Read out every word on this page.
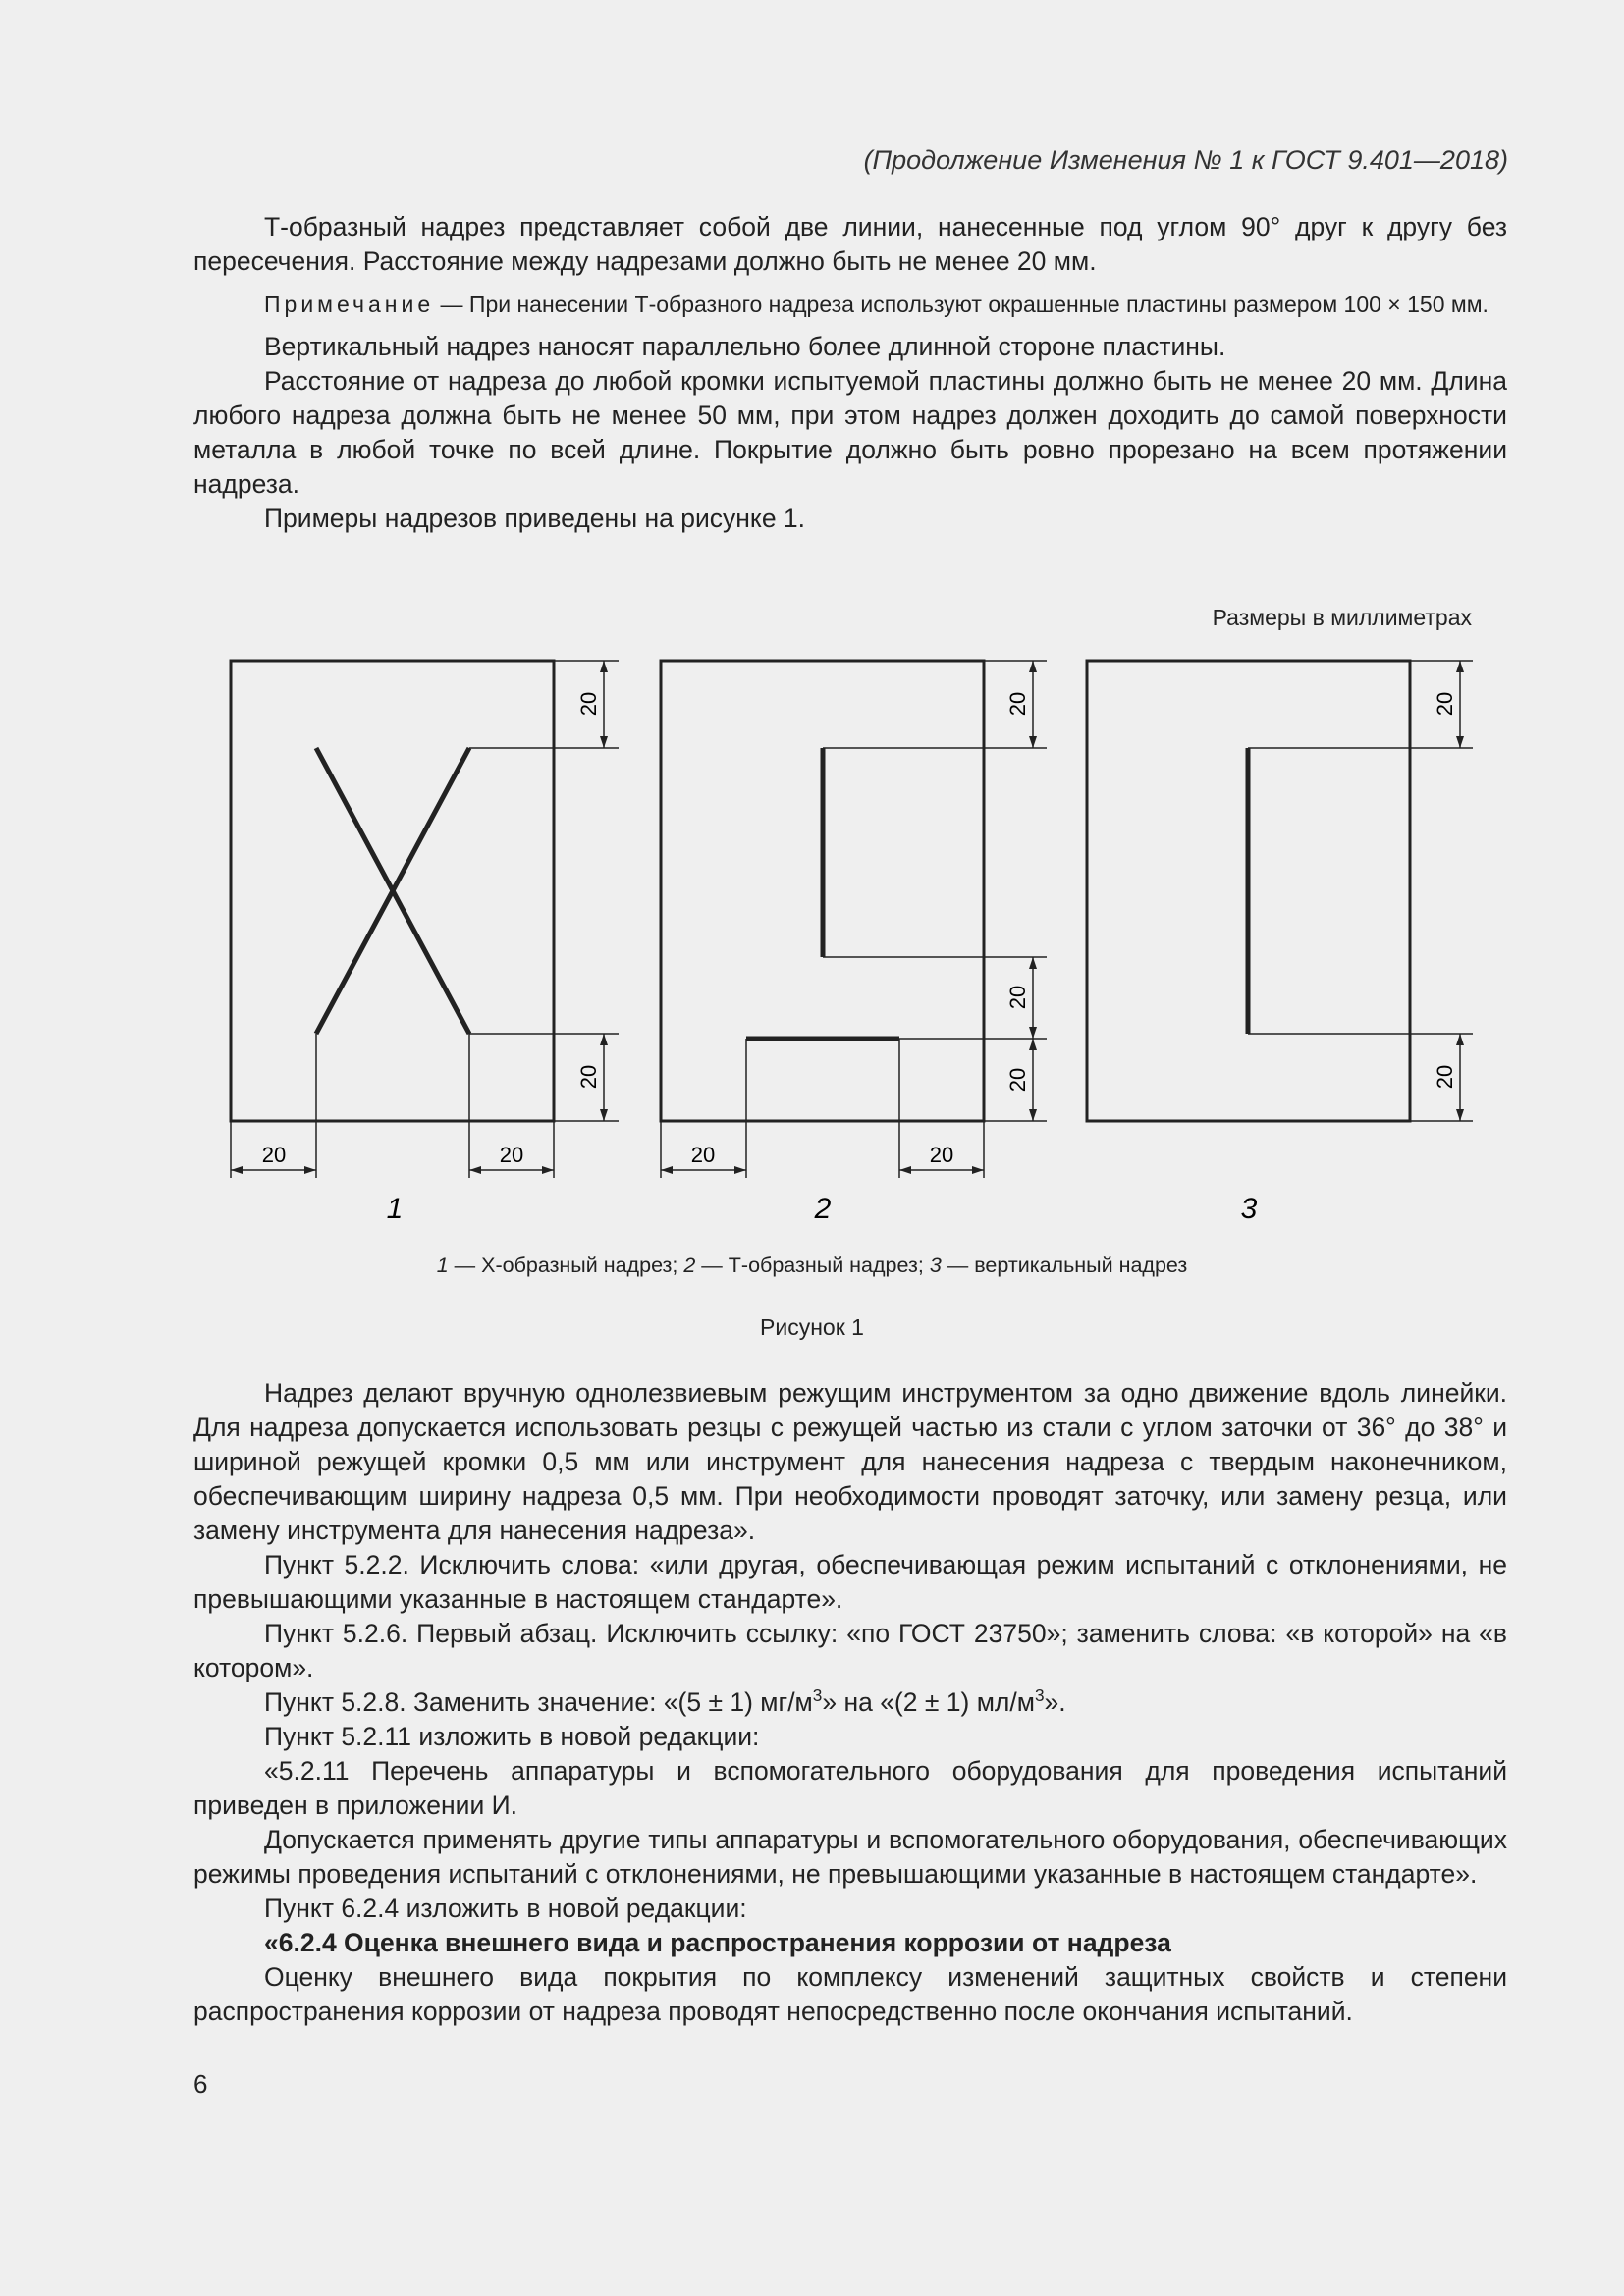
(Продолжение Изменения № 1 к ГОСТ 9.401—2018)

Т-образный надрез представляет собой две линии, нанесенные под углом 90° друг к другу без пересечения. Расстояние между надрезами должно быть не менее 20 мм.

Примечание — При нанесении Т-образного надреза используют окрашенные пластины размером 100 × 150 мм.

Вертикальный надрез наносят параллельно более длинной стороне пластины.

Расстояние от надреза до любой кромки испытуемой пластины должно быть не менее 20 мм. Длина любого надреза должна быть не менее 50 мм, при этом надрез должен доходить до самой поверхности металла в любой точке по всей длине. Покрытие должно быть ровно прорезано на всем протяжении надреза.

Примеры надрезов приведены на рисунке 1.

Размеры в миллиметрах
20
20
20	20
1
20
20
20
20	20
2
20
20
3
1 — Х-образный надрез; 2 — Т-образный надрез; 3 — вертикальный надрез
Рисунок 1

Надрез делают вручную однолезвиевым режущим инструментом за одно движение вдоль линейки. Для надреза допускается использовать резцы с режущей частью из стали с углом заточки от 36° до 38° и шириной режущей кромки 0,5 мм или инструмент для нанесения надреза с твердым наконечником, обеспечивающим ширину надреза 0,5 мм. При необходимости проводят заточку, или замену резца, или замену инструмента для нанесения надреза».

Пункт 5.2.2. Исключить слова: «или другая, обеспечивающая режим испытаний с отклонениями, не превышающими указанные в настоящем стандарте».

Пункт 5.2.6. Первый абзац. Исключить ссылку: «по ГОСТ 23750»; заменить слова: «в которой» на «в котором».

Пункт 5.2.8. Заменить значение: «(5 ± 1) $мг/м^3$» на «(2 ± 1) $мл/м^3$».

Пункт 5.2.11 изложить в новой редакции:

«5.2.11 Перечень аппаратуры и вспомогательного оборудования для проведения испытаний приведен в приложении И.

Допускается применять другие типы аппаратуры и вспомогательного оборудования, обеспечивающих режимы проведения испытаний с отклонениями, не превышающими указанные в настоящем стандарте».

Пункт 6.2.4 изложить в новой редакции:

«6.2.4 Оценка внешнего вида и распространения коррозии от надреза

Оценку внешнего вида покрытия по комплексу изменений защитных свойств и степени распространения коррозии от надреза проводят непосредственно после окончания испытаний.

6
